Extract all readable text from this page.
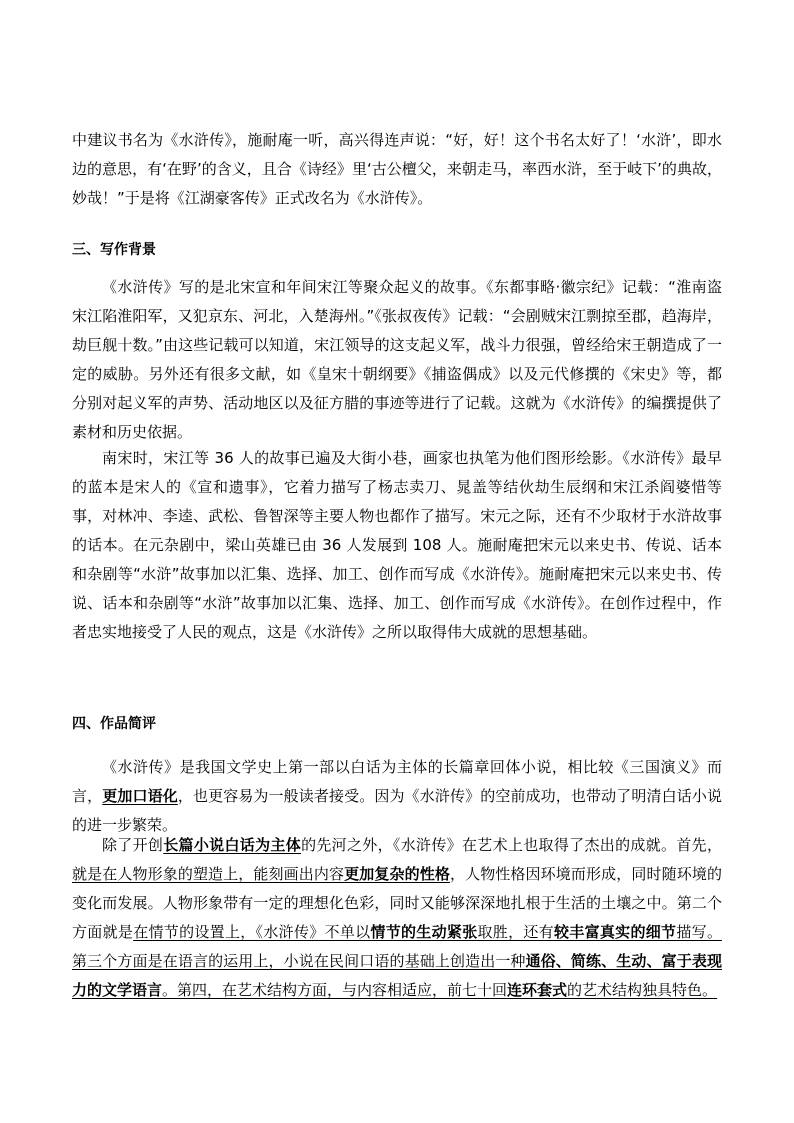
中建议书名为《水浒传》，施耐庵一听，高兴得连声说：“好，好！这个书名太好了！‘水浒’，即水边的意思，有‘在野’的含义，且合《诗经》里‘古公檀父，来朝走马，率西水浒，至于岐下’的典故，妙哉！”于是将《江湖豪客传》正式改名为《水浒传》。

三、写作背景

《水浒传》写的是北宋宣和年间宋江等聚众起义的故事。《东都事略·徽宗纪》记载：“淮南盗宋江陷淮阳军，又犯京东、河北，入楚海州。”《张叔夜传》记载：“会剧贼宋江剽掠至郡，趋海岸，劫巨舰十数。”由这些记载可以知道，宋江领导的这支起义军，战斗力很强，曾经给宋王朝造成了一定的威胁。另外还有很多文献，如《皇宋十朝纲要》《捕盗偶成》以及元代修撰的《宋史》等，都分别对起义军的声势、活动地区以及征方腊的事迹等进行了记载。这就为《水浒传》的编撰提供了素材和历史依据。

南宋时，宋江等 36 人的故事已遍及大街小巷，画家也执笔为他们图形绘影。《水浒传》最早的蓝本是宋人的《宣和遗事》，它着力描写了杨志卖刀、晁盖等结伙劫生辰纲和宋江杀阎婆惜等事，对林冲、李逵、武松、鲁智深等主要人物也都作了描写。宋元之际，还有不少取材于水浒故事的话本。在元杂剧中，梁山英雄已由 36 人发展到 108 人。施耐庵把宋元以来史书、传说、话本和杂剧等“水浒”故事加以汇集、选择、加工、创作而写成《水浒传》。施耐庵把宋元以来史书、传说、话本和杂剧等“水浒”故事加以汇集、选择、加工、创作而写成《水浒传》。在创作过程中，作者忠实地接受了人民的观点，这是《水浒传》之所以取得伟大成就的思想基础。

四、作品简评

《水浒传》是我国文学史上第一部以白话为主体的长篇章回体小说，相比较《三国演义》而言，更加口语化，也更容易为一般读者接受。因为《水浒传》的空前成功，也带动了明清白话小说的进一步繁荣。

除了开创长篇小说白话为主体的先河之外，《水浒传》在艺术上也取得了杰出的成就。首先，就是在人物形象的塑造上，能刻画出内容更加复杂的性格，人物性格因环境而形成，同时随环境的变化而发展。人物形象带有一定的理想化色彩，同时又能够深深地扎根于生活的土壤之中。第二个方面就是在情节的设置上，《水浒传》不单以情节的生动紧张取胜，还有较丰富真实的细节描写。第三个方面是在语言的运用上，小说在民间口语的基础上创造出一种通俗、简练、生动、富于表现力的文学语言。第四，在艺术结构方面，与内容相适应，前七十回连环套式的艺术结构独具特色。
